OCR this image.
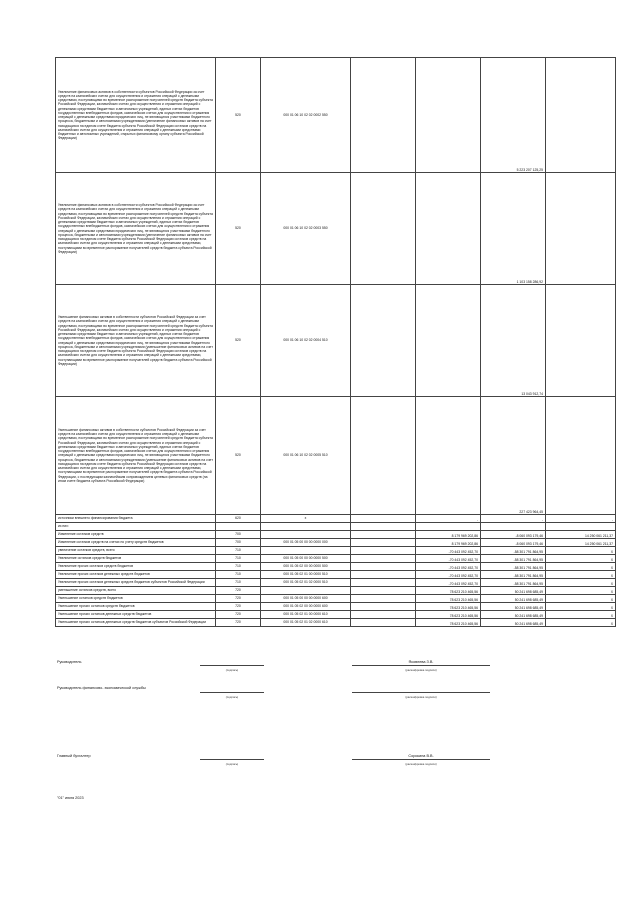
Увеличение финансовых активов в собственности субъектов Российской Федерации за счет средств на казначейских счетах для осуществления и отражения операций с денежными средствами, поступающими во временное распоряжение получателей средств бюджета субъекта Российской Федерации, казначейских счетах для осуществления и отражения операций с денежными средствами бюджетных и автономных учреждений, единых счетах бюджетов государственных внебюджетных фондов, казначейских счетах для осуществления и отражения операций с денежными средствами юридических лиц, не являющихся участниками бюджетного процесса, бюджетными и автономными учреждениями (увеличение финансовых активов на счет находящихся на едином счете бюджета субъекта Российской Федерации остатков средств на казначейских счетах для осуществления и отражения операций с денежными средствами бюджетных и автономных учреждений, открытых финансовому органу субъекта Российской Федерации)	520	000 01 06 10 02 02 0002 550			5 223 207 125,25	
Увеличение финансовых активов в собственности субъектов Российской Федерации за счет средств на казначейских счетах для осуществления и отражения операций с денежными средствами, поступающими во временное распоряжение получателей средств бюджета субъекта Российской Федерации, казначейских счетах для осуществления и отражения операций с денежными средствами бюджетных и автономных учреждений, единых счетах бюджетов государственных внебюджетных фондов, казначейских счетах для осуществления и отражения операций с денежными средствами юридических лиц, не являющихся участниками бюджетного процесса, бюджетными и автономными учреждениями (увеличение финансовых активов на счет находящихся на едином счете бюджета субъекта Российской Федерации остатков средств на казначейских счетах для осуществления и отражения операций с денежными средствами, поступающими во временное распоряжение получателей средств бюджета субъекта Российской Федерации)	520	000 01 06 10 02 02 0003 550			1 103 158 286,92	
Уменьшение финансовых активов в собственности субъектов Российской Федерации за счет средств на казначейских счетах для осуществления и отражения операций с денежными средствами, поступающими во временное распоряжение получателей средств бюджета субъекта Российской Федерации, казначейских счетах для осуществления и отражения операций с денежными средствами бюджетных и автономных учреждений, единых счетах бюджетов государственных внебюджетных фондов, казначейских счетах для осуществления и отражения операций с денежными средствами юридических лиц, не являющихся участниками бюджетного процесса, бюджетными и автономными учреждениями (уменьшение финансовых активов на счет находящихся на едином счете бюджета субъекта Российской Федерации остатков средств на казначейских счетах для осуществления и отражения операций с денежными средствами, поступающими во временное распоряжение получателей средств бюджета субъекта Российской Федерации)	520	000 01 06 10 02 02 0004 510			13 043 912,74	
Уменьшение финансовых активов в собственности субъектов Российской Федерации за счет средств на казначейских счетах для осуществления и отражения операций с денежными средствами, поступающими во временное распоряжение получателей средств бюджета субъекта Российской Федерации, казначейских счетах для осуществления и отражения операций с денежными средствами бюджетных и автономных учреждений, единых счетах бюджетов государственных внебюджетных фондов, казначейских счетах для осуществления и отражения операций с денежными средствами юридических лиц, не являющихся участниками бюджетного процесса, бюджетными и автономными учреждениями (уменьшение финансовых активов на счет находящихся на едином счете бюджета субъекта Российской Федерации остатков средств на казначейских счетах для осуществления и отражения операций с денежными средствами, поступающими во временное распоряжение получателей средств бюджета субъекта Российской Федерации, с последующим казначейским сопровождением целевых финансовых средств (на ином счете бюджета субъекта Российской Федерации)	520	000 01 06 10 02 02 0005 510			227 423 964,45	
источники внешнего финансирования бюджета	620	x		-	-	-
из них:						
Изменение остатков средств	700			8 179 969 202,86	-8 060 093 179,46	14 250 061 211,37
Изменение остатков средств на счетах по учету средств бюджетов	700	000 01 05 00 00 00 0000 000		8 179 969 202,86	-8 060 093 179,46	14 250 061 211,37
увеличение остатков средств, всего	710			-70 443 092 452,70	-58 301 791 864,95	X
Увеличение остатков средств бюджетов	710	000 01 05 00 00 00 0000 500		-70 443 092 452,70	-58 301 791 864,95	X
Увеличение прочих остатков средств бюджетов	710	000 01 05 02 00 00 0000 500		-70 443 092 452,70	-58 301 791 864,95	X
Увеличение прочих остатков денежных средств бюджетов	710	000 01 05 02 01 00 0000 510		-70 443 092 452,70	-58 301 791 864,95	X
Увеличение прочих остатков денежных средств бюджетов субъектов Российской Федерации	710	000 01 05 02 01 02 0000 510		-70 443 092 452,70	-58 301 791 864,95	X
уменьшение остатков средств, всего	720			78 623 210 465,56	50 241 698 685,49	X
Уменьшение остатков средств бюджетов	720	000 01 05 00 00 00 0000 600		78 623 210 465,56	50 241 698 685,49	X
Уменьшение прочих остатков средств бюджетов	720	000 01 05 02 00 00 0000 600		78 623 210 465,56	50 241 698 685,49	X
Уменьшение прочих остатков денежных средств бюджетов	720	000 01 05 02 01 00 0000 610		78 623 210 465,56	50 241 698 685,49	X
Уменьшение прочих остатков денежных средств бюджетов субъектов Российской Федерации	720	000 01 05 02 01 02 0000 610		78 623 210 465,56	50 241 698 685,49	X
Руководитель
(подпись)
Яковлева З.В.
(расшифровка подписи)
Руководитель финансово- экономической службы
(подпись)	(расшифровка подписи)
Главный бухгалтер
(подпись)
Сорокина В.В.
(расшифровка подписи)
"01" июля 2023
